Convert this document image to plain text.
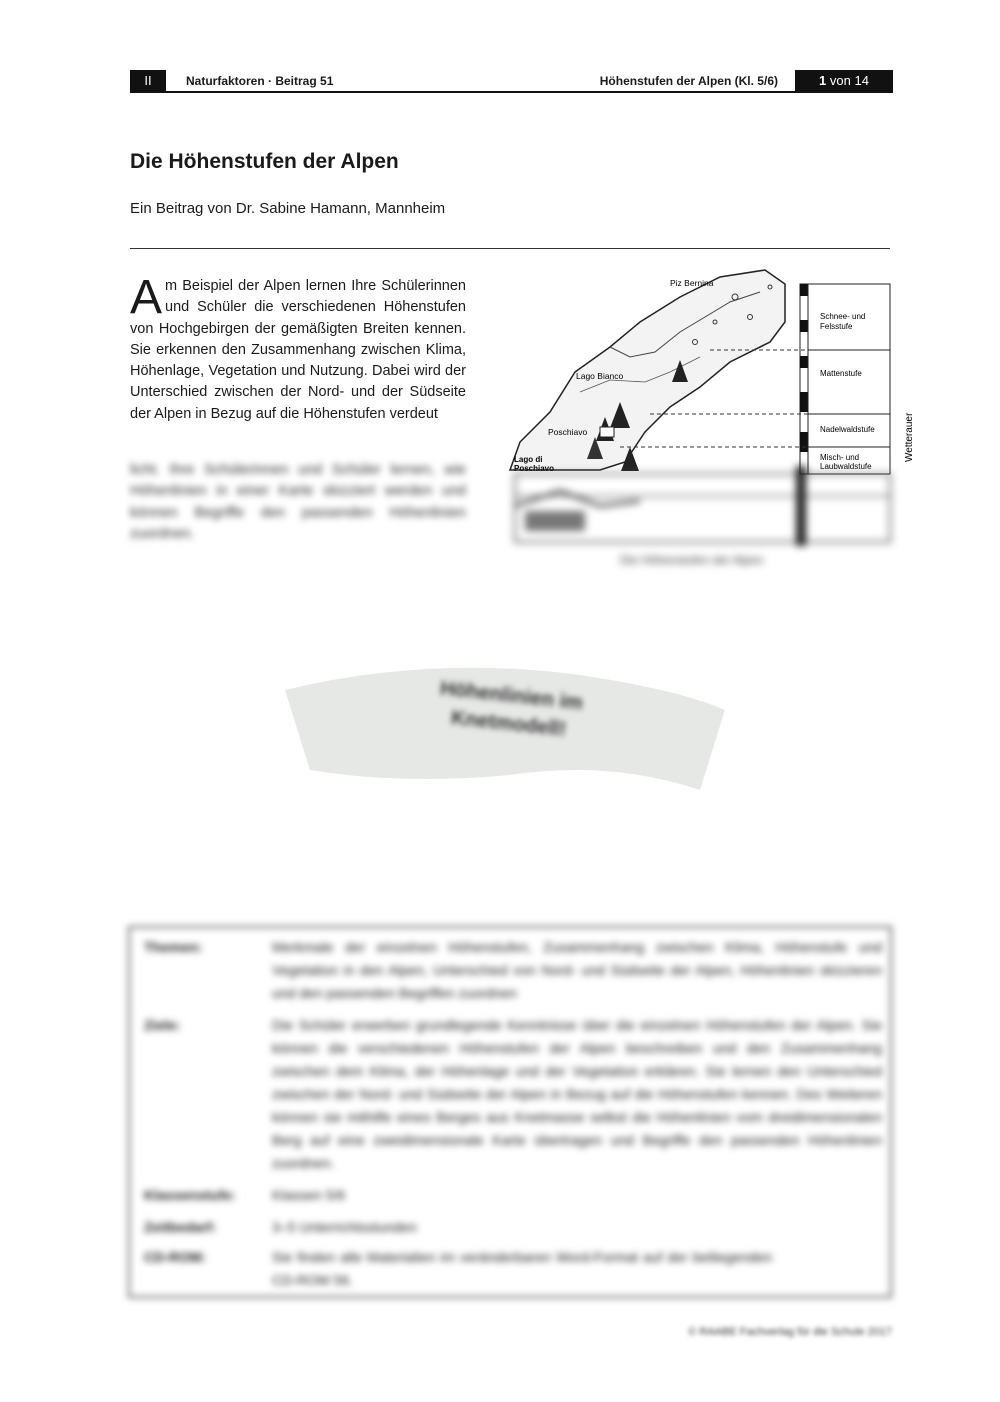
II	Naturfaktoren · Beitrag 51	Höhenstufen der Alpen (Kl. 5/6)	1 von 14
Die Höhenstufen der Alpen
Ein Beitrag von Dr. Sabine Hamann, Mannheim
Am Beispiel der Alpen lernen Ihre Schülerinnen und Schüler die verschiedenen Höhenstufen von Hochgebirgen der gemäßigten Breiten kennen. Sie erkennen den Zusammenhang zwischen Klima, Höhenlage, Vegetation und Nutzung. Dabei wird der Unterschied zwischen der Nord- und der Südseite der Alpen in Bezug auf die Höhenstufen verdeut
licht. Ihre Schülerinnen und Schüler lernen, wie Höhenlinien in einer Karte skizziert werden und können Begriffe den passenden Höhenlinien zuordnen.
Piz Bernina
Lago Bianco
Poschiavo
Lago di
Poschiavo
Schnee- und
Felsstufe
Mattenstufe
Nadelwaldstufe
Misch- und
Laubwaldstufe
Wetterauer
Die Höhenstufen der Alpen
Höhenlinien im
Knetmodell!
Themen:	Merkmale der einzelnen Höhenstufen, Zusammenhang zwischen Klima, Höhenstufe und Vegetation in den Alpen, Unterschied von Nord- und Südseite der Alpen, Höhenlinien skizzieren und den passenden Begriffen zuordnen
Ziele:	Die Schüler erwerben grundlegende Kenntnisse über die einzelnen Höhenstufen der Alpen. Sie können die verschiedenen Höhenstufen der Alpen beschreiben und den Zusammenhang zwischen dem Klima, der Höhenlage und der Vegetation erklären. Sie lernen den Unterschied zwischen der Nord- und Südseite der Alpen in Bezug auf die Höhenstufen kennen. Des Weiteren können sie mithilfe eines Berges aus Knetmasse selbst die Höhenlinien vom dreidimensionalen Berg auf eine zweidimensionale Karte übertragen und Begriffe den passenden Höhenlinien zuordnen.
Klassenstufe:	Klassen 5/6
Zeitbedarf:	3–5 Unterrichtsstunden
CD-ROM:	Sie finden alle Materialien im veränderbaren Word-Format auf der beiliegenden CD-ROM 56.
© RAABE Fachverlag für die Schule 2017
